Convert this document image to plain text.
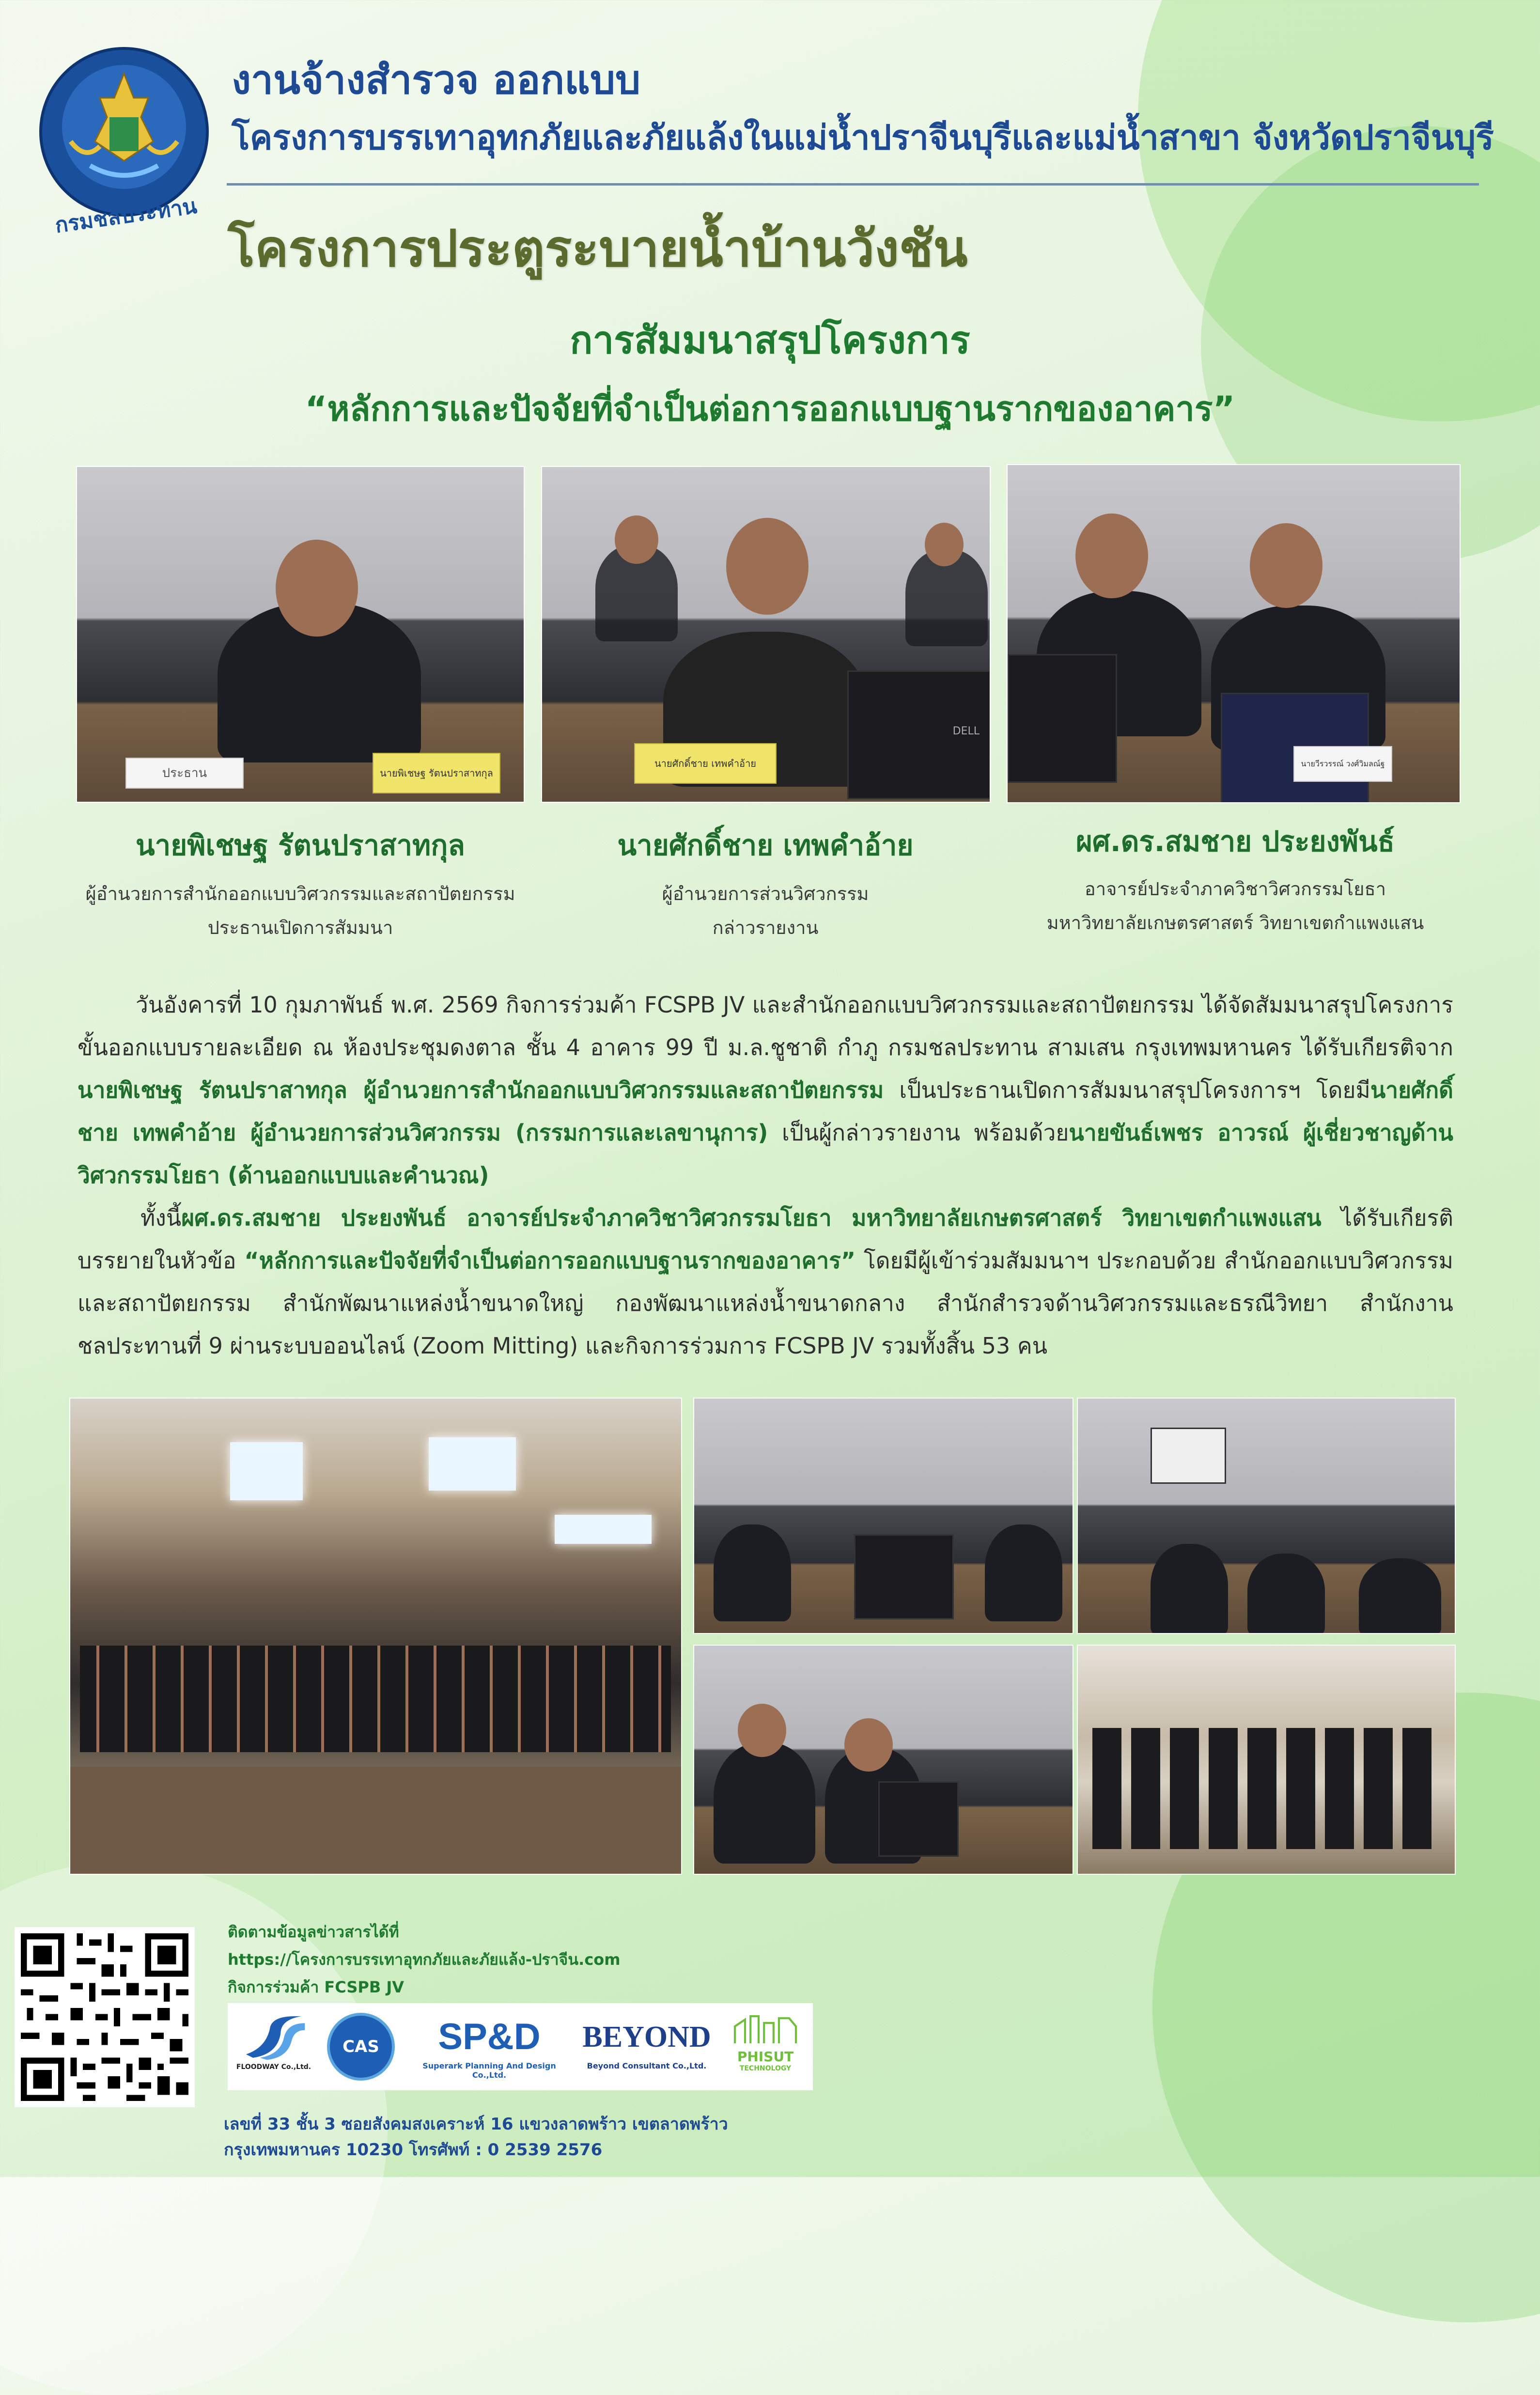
กรมชลประทาน
งานจ้างสำรวจ ออกแบบ
โครงการบรรเทาอุทกภัยและภัยแล้งในแม่น้ำปราจีนบุรีและแม่น้ำสาขา จังหวัดปราจีนบุรี
โครงการประตูระบายน้ำบ้านวังชัน
การสัมมนาสรุปโครงการ
“หลักการและปัจจัยที่จำเป็นต่อการออกแบบฐานรากของอาคาร”
ประธาน	นายพิเชษฐ รัตนปราสาทกุล
DELL
นายศักดิ์ชาย เทพคำอ้าย	นายวีรวรรณ์ วงศ์วิมลณ์ฐ
นายพิเชษฐ รัตนปราสาทกุล
ผู้อำนวยการสำนักออกแบบวิศวกรรมและสถาปัตยกรรม
ประธานเปิดการสัมมนา
นายศักดิ์ชาย เทพคำอ้าย
ผู้อำนวยการส่วนวิศวกรรม
กล่าวรายงาน
ผศ.ดร.สมชาย ประยงพันธ์
อาจารย์ประจำภาควิชาวิศวกรรมโยธา
มหาวิทยาลัยเกษตรศาสตร์ วิทยาเขตกำแพงแสน
วันอังคารที่ 10 กุมภาพันธ์ พ.ศ. 2569 กิจการร่วมค้า FCSPB JV และสำนักออกแบบวิศวกรรมและสถาปัตยกรรม ได้จัดสัมมนาสรุปโครงการขั้นออกแบบรายละเอียด ณ ห้องประชุมดงตาล ชั้น 4 อาคาร 99 ปี ม.ล.ชูชาติ กำภู กรมชลประทาน สามเสน กรุงเทพมหานคร ได้รับเกียรติจาก นายพิเชษฐ รัตนปราสาทกุล ผู้อำนวยการสำนักออกแบบวิศวกรรมและสถาปัตยกรรม เป็นประธานเปิดการสัมมนาสรุปโครงการฯ โดยมีนายศักดิ์ชาย เทพคำอ้าย ผู้อำนวยการส่วนวิศวกรรม (กรรมการและเลขานุการ) เป็นผู้กล่าวรายงาน พร้อมด้วยนายขันธ์เพชร อาวรณ์ ผู้เชี่ยวชาญด้านวิศวกรรมโยธา (ด้านออกแบบและคำนวณ)
ทั้งนี้ผศ.ดร.สมชาย ประยงพันธ์ อาจารย์ประจำภาควิชาวิศวกรรมโยธา มหาวิทยาลัยเกษตรศาสตร์ วิทยาเขตกำแพงแสน ได้รับเกียรติบรรยายในหัวข้อ “หลักการและปัจจัยที่จำเป็นต่อการออกแบบฐานรากของอาคาร” โดยมีผู้เข้าร่วมสัมมนาฯ ประกอบด้วย สำนักออกแบบวิศวกรรมและสถาปัตยกรรม สำนักพัฒนาแหล่งน้ำขนาดใหญ่ กองพัฒนาแหล่งน้ำขนาดกลาง สำนักสำรวจด้านวิศวกรรมและธรณีวิทยา สำนักงานชลประทานที่ 9 ผ่านระบบออนไลน์ (Zoom Mitting) และกิจการร่วมการ FCSPB JV รวมทั้งสิ้น 53 คน
ติดตามข้อมูลข่าวสารได้ที่
https://โครงการบรรเทาอุทกภัยและภัยแล้ง-ปราจีน.com
กิจการร่วมค้า FCSPB JV
FLOODWAY Co.,Ltd.
CAS	SP&D
Superark Planning And Design Co.,Ltd.
BEYOND
Beyond Consultant Co.,Ltd.
PHISUT
TECHNOLOGY
เลขที่ 33 ชั้น 3 ซอยสังคมสงเคราะห์ 16 แขวงลาดพร้าว เขตลาดพร้าว
กรุงเทพมหานคร 10230 โทรศัพท์ : 0 2539 2576
